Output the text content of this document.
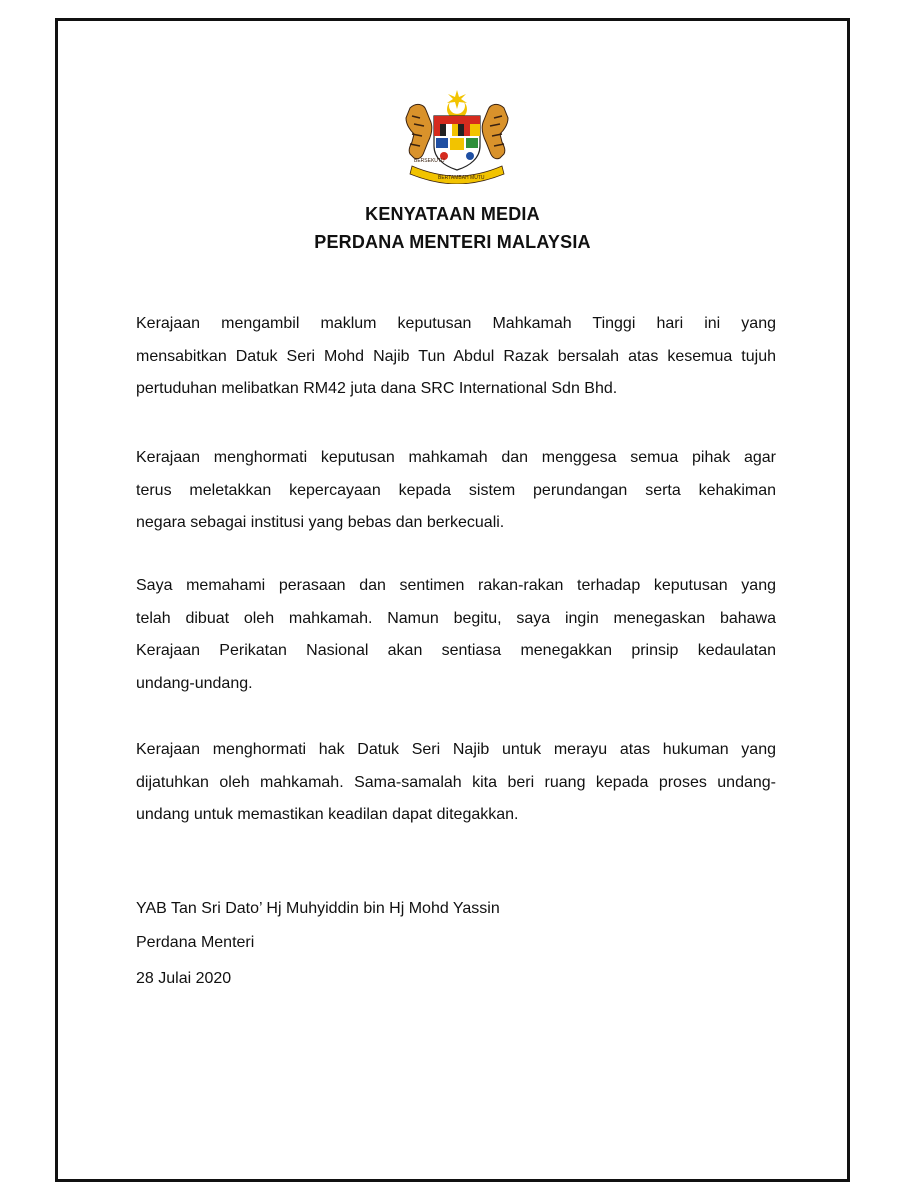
BERSEKUTU
BERTAMBAH MUTU
KENYATAAN MEDIA
PERDANA MENTERI MALAYSIA
Kerajaan mengambil maklum keputusan Mahkamah Tinggi hari ini yang
mensabitkan Datuk Seri Mohd Najib Tun Abdul Razak bersalah atas kesemua tujuh
pertuduhan melibatkan RM42 juta dana SRC International Sdn Bhd.
Kerajaan menghormati keputusan mahkamah dan menggesa semua pihak agar
terus meletakkan kepercayaan kepada sistem perundangan serta kehakiman
negara sebagai institusi yang bebas dan berkecuali.
Saya memahami perasaan dan sentimen rakan-rakan terhadap keputusan yang
telah dibuat oleh mahkamah. Namun begitu, saya ingin menegaskan bahawa
Kerajaan Perikatan Nasional akan sentiasa menegakkan prinsip kedaulatan
undang-undang.
Kerajaan menghormati hak Datuk Seri Najib untuk merayu atas hukuman yang
dijatuhkan oleh mahkamah. Sama-samalah kita beri ruang kepada proses undang-
undang untuk memastikan keadilan dapat ditegakkan.
YAB Tan Sri Dato’ Hj Muhyiddin bin Hj Mohd Yassin
Perdana Menteri
28 Julai 2020
